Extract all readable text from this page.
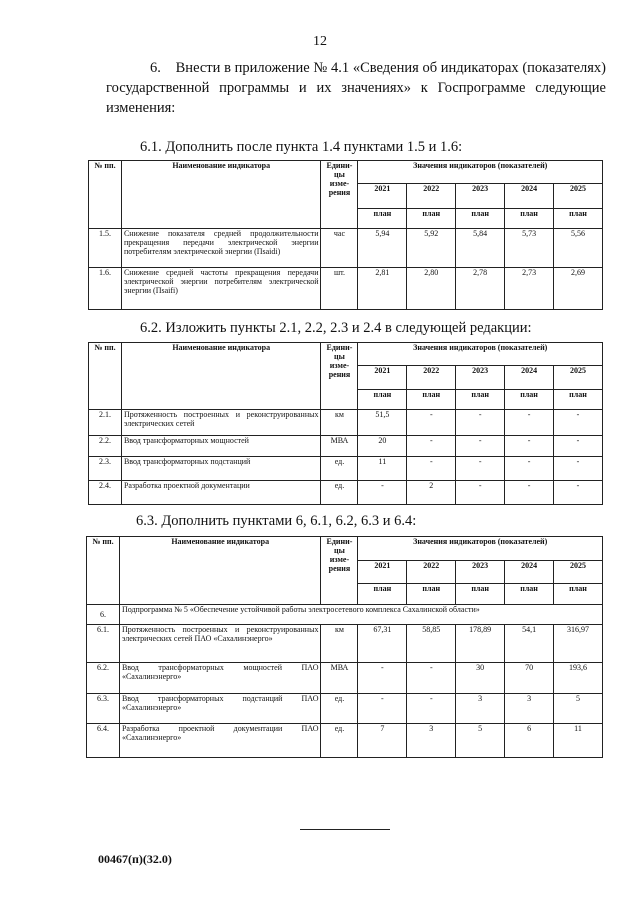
12
6. Внести в приложение № 4.1 «Сведения об индикаторах (показателях) государственной программы и их значениях» к Госпрограмме следующие изменения:
6.1. Дополнить после пункта 1.4 пунктами 1.5 и 1.6:
№ пп.	Наименование индикатора	Едини-цы изме-рения	Значения индикаторов (показателей)				
			2021	2022	2023	2024	2025
			план	план	план	план	план
1.5.	Снижение показателя средней продолжительности прекращения передачи электрической энергии потребителям электрической энергии (Пsaidi)	час	5,94	5,92	5,84	5,73	5,56
1.6.	Снижение средней частоты прекращения передачи электрической энергии потребителям электрической энергии (Пsaifi)	шт.	2,81	2,80	2,78	2,73	2,69
6.2. Изложить пункты 2.1, 2.2, 2.3 и 2.4 в следующей редакции:
№ пп.	Наименование индикатора	Едини-цы изме-рения	Значения индикаторов (показателей)				
			2021	2022	2023	2024	2025
			план	план	план	план	план
2.1.	Протяженность построенных и реконструированных электрических сетей	км	51,5	-	-	-	-
2.2.	Ввод трансформаторных мощностей	МВА	20	-	-	-	-
2.3.	Ввод трансформаторных подстанций	ед.	11	-	-	-	-
2.4.	Разработка проектной документации	ед.	-	2	-	-	-
6.3. Дополнить пунктами 6, 6.1, 6.2, 6.3 и 6.4:
№ пп.	Наименование индикатора	Едини-цы изме-рения	Значения индикаторов (показателей)				
			2021	2022	2023	2024	2025
			план	план	план	план	план
6.	Подпрограмма № 5 «Обеспечение устойчивой работы электросетевого комплекса Сахалинской области»						
6.1.	Протяженность построенных и реконструированных электрических сетей ПАО «Сахалинэнерго»	км	67,31	58,85	178,89	54,1	316,97
6.2.	Ввод трансформаторных мощностей ПАО «Сахалинэнерго»	МВА	-	-	30	70	193,6
6.3.	Ввод трансформаторных подстанций ПАО «Сахалинэнерго»	ед.	-	-	3	3	5
6.4.	Разработка проектной документации ПАО «Сахалинэнерго»	ед.	7	3	5	6	11
00467(п)(32.0)
